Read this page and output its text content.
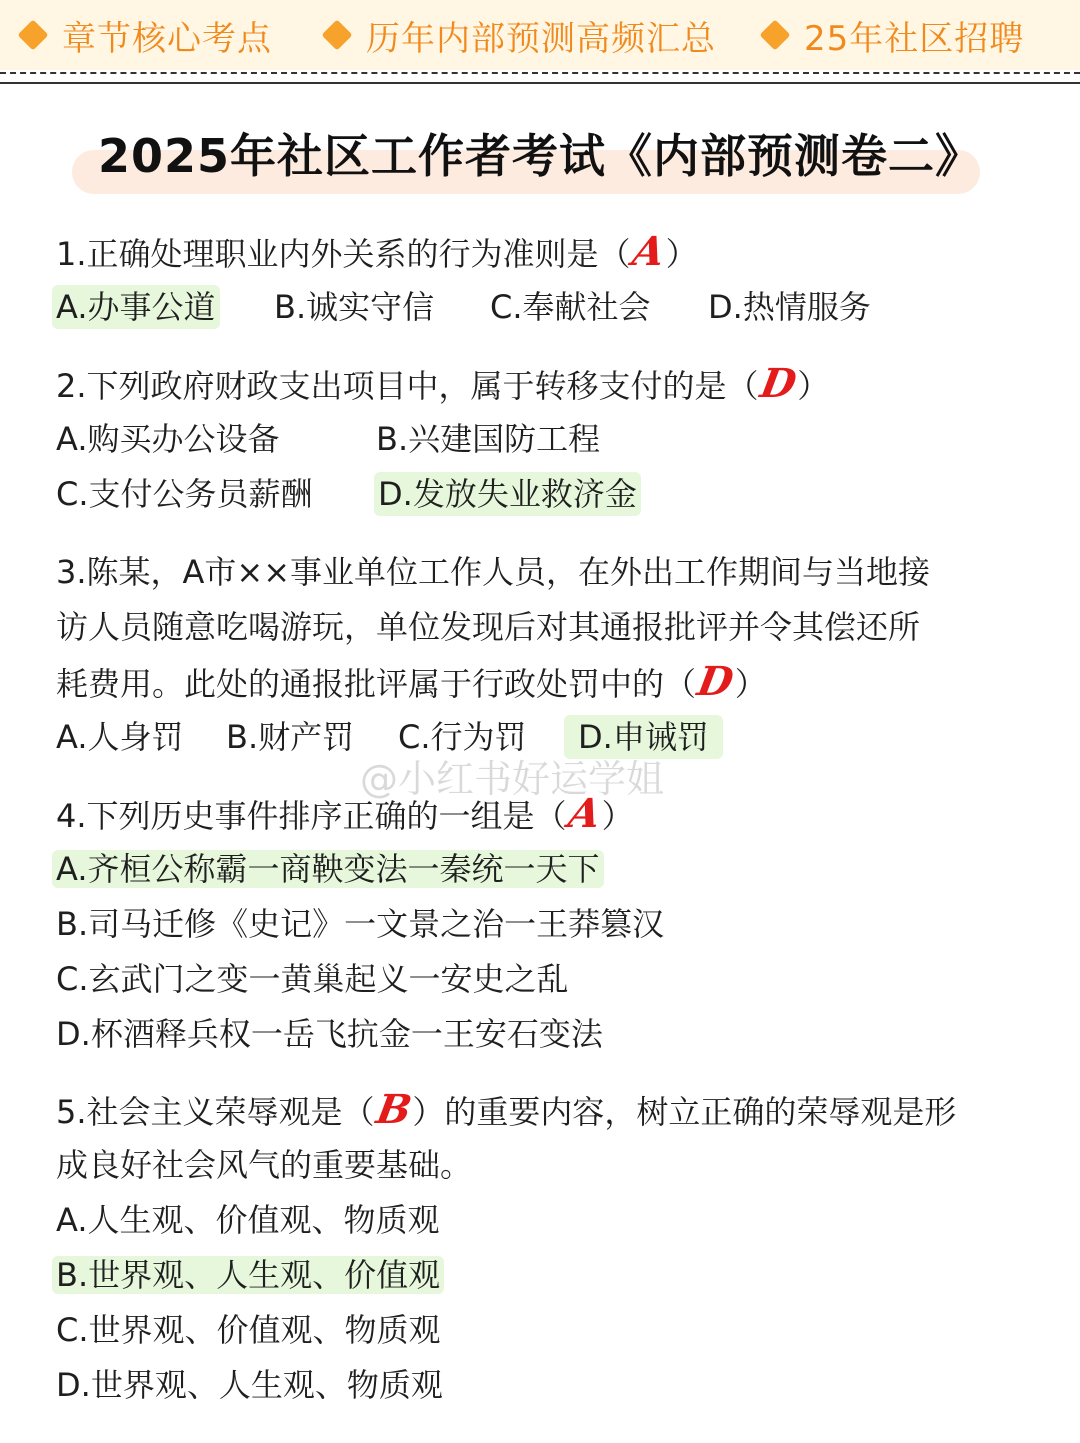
章节核心考点	历年内部预测高频汇总	25年社区招聘
2025年社区工作者考试《内部预测卷二》
1.正确处理职业内外关系的行为准则是（A）
A.办事公道 B.诚实守信 C.奉献社会 D.热情服务
2.下列政府财政支出项目中，属于转移支付的是（D）
A.购买办公设备	B.兴建国防工程
C.支付公务员薪酬 D.发放失业救济金
3.陈某，A市××事业单位工作人员，在外出工作期间与当地接
访人员随意吃喝游玩，单位发现后对其通报批评并令其偿还所
耗费用。此处的通报批评属于行政处罚中的（D）
A.人身罚 B.财产罚 C.行为罚	D.申诫罚
@小红书好运学姐
4.下列历史事件排序正确的一组是（A）
A.齐桓公称霸一商鞅变法一秦统一天下
B.司马迁修《史记》一文景之治一王莽篡汉
C.玄武门之变一黄巢起义一安史之乱
D.杯酒释兵权一岳飞抗金一王安石变法
5.社会主义荣辱观是（B）的重要内容，树立正确的荣辱观是形
成良好社会风气的重要基础。
A.人生观、价值观、物质观
B.世界观、人生观、价值观
C.世界观、价值观、物质观
D.世界观、人生观、物质观
